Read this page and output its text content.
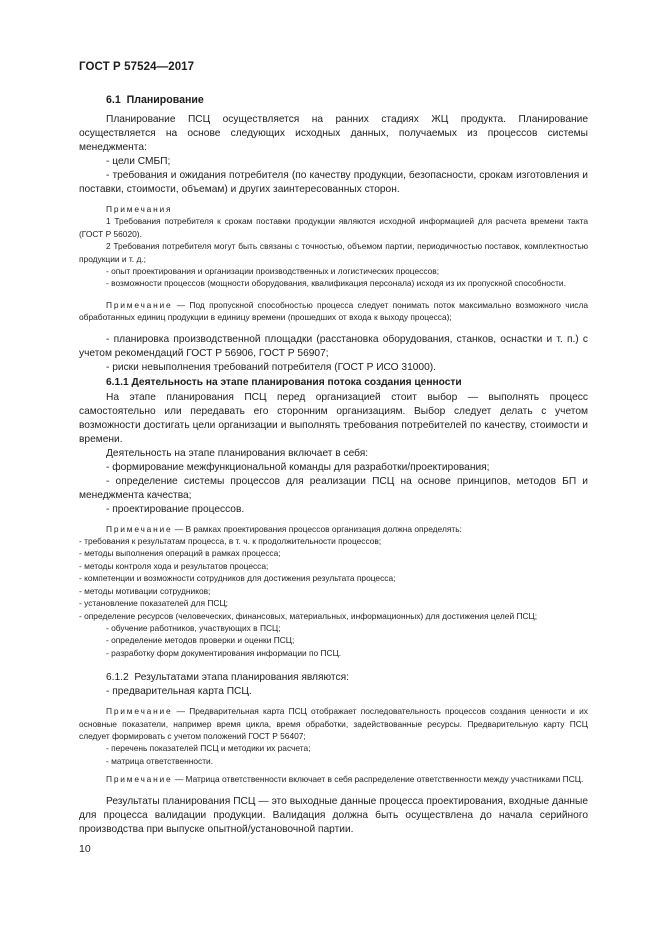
ГОСТ Р 57524—2017
6.1 Планирование

Планирование ПСЦ осуществляется на ранних стадиях ЖЦ продукта. Планирование осуществляется на основе следующих исходных данных, получаемых из процессов системы менеджмента:

- цели СМБП;

- требования и ожидания потребителя (по качеству продукции, безопасности, срокам изготовления и поставки, стоимости, объемам) и других заинтересованных сторон.

Примечания

1 Требования потребителя к срокам поставки продукции являются исходной информацией для расчета времени такта (ГОСТ Р 56020).

2 Требования потребителя могут быть связаны с точностью, объемом партии, периодичностью поставок, комплектностью продукции и т. д.;

- опыт проектирования и организации производственных и логистических процессов;

- возможности процессов (мощности оборудования, квалификация персонала) исходя из их пропускной способности.

Примечание — Под пропускной способностью процесса следует понимать поток максимально возможного числа обработанных единиц продукции в единицу времени (прошедших от входа к выходу процесса);

- планировка производственной площадки (расстановка оборудования, станков, оснастки и т. п.) с учетом рекомендаций ГОСТ Р 56906, ГОСТ Р 56907;

- риски невыполнения требований потребителя (ГОСТ Р ИСО 31000).

6.1.1 Деятельность на этапе планирования потока создания ценности

На этапе планирования ПСЦ перед организацией стоит выбор — выполнять процесс самостоятельно или передавать его сторонним организациям. Выбор следует делать с учетом возможности достигать цели организации и выполнять требования потребителей по качеству, стоимости и времени.

Деятельность на этапе планирования включает в себя:

- формирование межфункциональной команды для разработки/проектирования;

- определение системы процессов для реализации ПСЦ на основе принципов, методов БП и менеджмента качества;

- проектирование процессов.

Примечание — В рамках проектирования процессов организация должна определять:

- требования к результатам процесса, в т. ч. к продолжительности процессов;

- методы выполнения операций в рамках процесса;

- методы контроля хода и результатов процесса;

- компетенции и возможности сотрудников для достижения результата процесса;

- методы мотивации сотрудников;

- установление показателей для ПСЦ;

- определение ресурсов (человеческих, финансовых, материальных, информационных) для достижения целей ПСЦ;

- обучение работников, участвующих в ПСЦ;

- определение методов проверки и оценки ПСЦ;

- разработку форм документирования информации по ПСЦ.

6.1.2 Результатами этапа планирования являются:

- предварительная карта ПСЦ.

Примечание — Предварительная карта ПСЦ отображает последовательность процессов создания ценности и их основные показатели, например время цикла, время обработки, задействованные ресурсы. Предварительную карту ПСЦ следует формировать с учетом положений ГОСТ Р 56407;

- перечень показателей ПСЦ и методики их расчета;

- матрица ответственности.

Примечание — Матрица ответственности включает в себя распределение ответственности между участниками ПСЦ.

Результаты планирования ПСЦ — это выходные данные процесса проектирования, входные данные для процесса валидации продукции. Валидация должна быть осуществлена до начала серийного производства при выпуске опытной/установочной партии.

10
